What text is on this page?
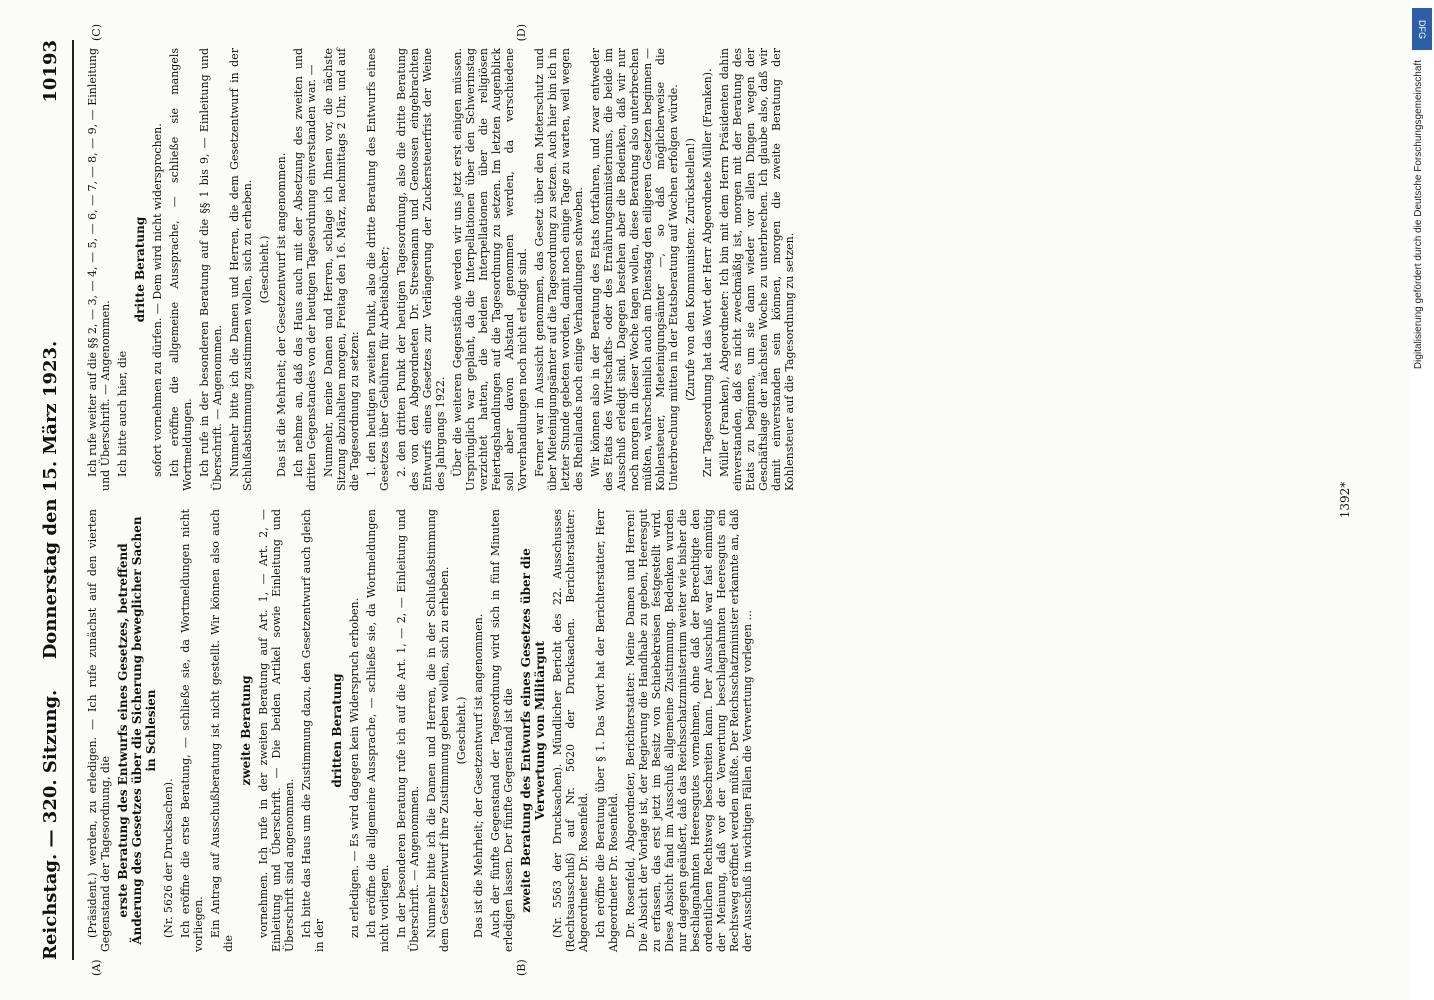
Reichstag. — 320. Sitzung.
Donnerstag den 15. März 1923.
10193
(A)	(B)
(C)	(D)

(Präsident.) werden, zu erledigen. — Ich rufe zunächst auf den vierten Gegenstand der Tagesordnung, die erste Beratung des Entwurfs eines Gesetzes, betreffend Änderung des Gesetzes über die Sicherung beweglicher Sachen in Schlesien

(Nr. 5626 der Drucksachen). Ich eröffne die erste Beratung, — schließe sie, da Wortmeldungen nicht vorliegen. Ein Antrag auf Ausschußberatung ist nicht gestellt. Wir können also auch die

zweite Beratung vornehmen. Ich rufe in der zweiten Beratung auf Art. 1, — Art. 2, — Einleitung und Überschrift. — Die beiden Artikel sowie Einleitung und Überschrift sind angenommen. Ich bitte das Haus um die Zustimmung dazu, den Gesetzentwurf auch gleich in der

dritten Beratung zu erledigen. — Es wird dagegen kein Widerspruch erhoben. Ich eröffne die allgemeine Aussprache, — schließe sie, da Wortmeldungen nicht vorliegen. In der besonderen Beratung rufe ich auf die Art. 1, — 2, — Einleitung und Überschrift. — Angenommen. Nunmehr bitte ich die Damen und Herren, die in der Schlußabstimmung dem Gesetzentwurf ihre Zustimmung geben wollen, sich zu erheben. (Geschieht.) Das ist die Mehrheit; der Gesetzentwurf ist angenommen. Auch der fünfte Gegenstand der Tagesordnung wird sich in fünf Minuten erledigen lassen. Der fünfte Gegenstand ist die zweite Beratung des Entwurfs eines Gesetzes über die Verwertung von Militärgut (Nr. 5563 der Drucksachen). Mündlicher Bericht des 22. Ausschusses (Rechtsausschuß) auf Nr. 5620 der Drucksachen. Berichterstatter: Abgeordneter Dr. Rosenfeld. Ich eröffne die Beratung über § 1. Das Wort hat der Berichterstatter, Herr Abgeordneter Dr. Rosenfeld. Dr. Rosenfeld, Abgeordneter, Berichterstatter: Meine Damen und Herren! Die Absicht der Vorlage ist, der Regierung die Handhabe zu geben, Heeresgut zu erfassen, das erst jetzt im Besitz von Schiebekreisen festgestellt wird. Diese Absicht fand im Ausschuß allgemeine Zustimmung. Bedenken wurden nur dagegen geäußert, daß das Reichsschatzministerium weiter wie bisher die beschlagnahmten Heeresgutes vornehmen, ohne daß der Berechtigte den ordentlichen Rechtsweg beschreiten kann. Der Ausschuß war fast einmütig der Meinung, daß vor der Verwertung beschlagnahmten Heeresguts ein Rechtsweg eröffnet werden müßte. Der Reichsschatzminister erkannte an, daß der Ausschuß in wichtigen Fällen die Verwertung vorlegen ...

Ich rufe weiter auf die §§ 2, — 3, — 4, — 5, — 6, — 7, — 8, — 9, — Einleitung und Überschrift. — Angenommen. Ich bitte auch hier, die

dritte Beratung sofort vornehmen zu dürfen. — Dem wird nicht widersprochen. Ich eröffne die allgemeine Aussprache, — schließe sie mangels Wortmeldungen. Ich rufe in der besonderen Beratung auf die §§ 1 bis 9, — Einleitung und Überschrift. — Angenommen. Nunmehr bitte ich die Damen und Herren, die dem Gesetzentwurf in der Schlußabstimmung zustimmen wollen, sich zu erheben. (Geschieht.) Das ist die Mehrheit; der Gesetzentwurf ist angenommen. Ich nehme an, daß das Haus auch mit der Absetzung des zweiten und dritten Gegenstandes von der heutigen Tagesordnung einverstanden war. — Nunmehr, meine Damen und Herren, schlage ich Ihnen vor, die nächste Sitzung abzuhalten morgen, Freitag den 16. März, nachmittags 2 Uhr, und auf die Tagesordnung zu setzen: 1. den heutigen zweiten Punkt, also die dritte Beratung des Entwurfs eines Gesetzes über Gebühren für Arbeitsbücher; 2. den dritten Punkt der heutigen Tagesordnung, also die dritte Beratung des von den Abgeordneten Dr. Stresemann und Genossen eingebrachten Entwurfs eines Gesetzes zur Verlängerung der Zuckersteuerfrist der Weine des Jahrgangs 1922. Über die weiteren Gegenstände werden wir uns jetzt erst einigen müssen. Ursprünglich war geplant, da die Interpellationen über den Schwerinstag verzichtet hatten, die beiden Interpellationen über die religiösen Feiertagshandlungen auf die Tagesordnung zu setzen. Im letzten Augenblick soll aber davon Abstand genommen werden, da verschiedene Vorverhandlungen noch nicht erledigt sind. Ferner war in Aussicht genommen, das Gesetz über den Mieterschutz und über Mieteinigungsämter auf die Tagesordnung zu setzen. Auch hier bin ich in letzter Stunde gebeten worden, damit noch einige Tage zu warten, weil wegen des Rheinlands noch einige Verhandlungen schweben. Wir können also in der Beratung des Etats fortfahren, und zwar entweder des Etats des Wirtschafts- oder des Ernährungsministeriums, die beide im Ausschuß erledigt sind. Dagegen bestehen aber die Bedenken, daß wir nur noch morgen in dieser Woche tagen wollen, diese Beratung also unterbrechen müßten, wahrscheinlich auch am Dienstag den eiligeren Gesetzen beginnen — Kohlensteuer, Mieteinigungsämter —, so daß möglicherweise die Unterbrechung mitten in der Etatsberatung auf Wochen erfolgen würde. (Zurufe von den Kommunisten: Zurückstellen!) Zur Tagesordnung hat das Wort der Herr Abgeordnete Müller (Franken). Müller (Franken), Abgeordneter: Ich bin mit dem Herrn Präsidenten dahin einverstanden, daß es nicht zweckmäßig ist, morgen mit der Beratung des Etats zu beginnen, um sie dann wieder vor allen Dingen wegen der Geschäftslage der nächsten Woche zu unterbrechen. Ich glaube also, daß wir damit einverstanden sein können, morgen die zweite Beratung der Kohlensteuer auf die Tagesordnung zu setzen.

1392*
DFG
Digitalisierung gefördert durch die Deutsche Forschungsgemeinschaft
